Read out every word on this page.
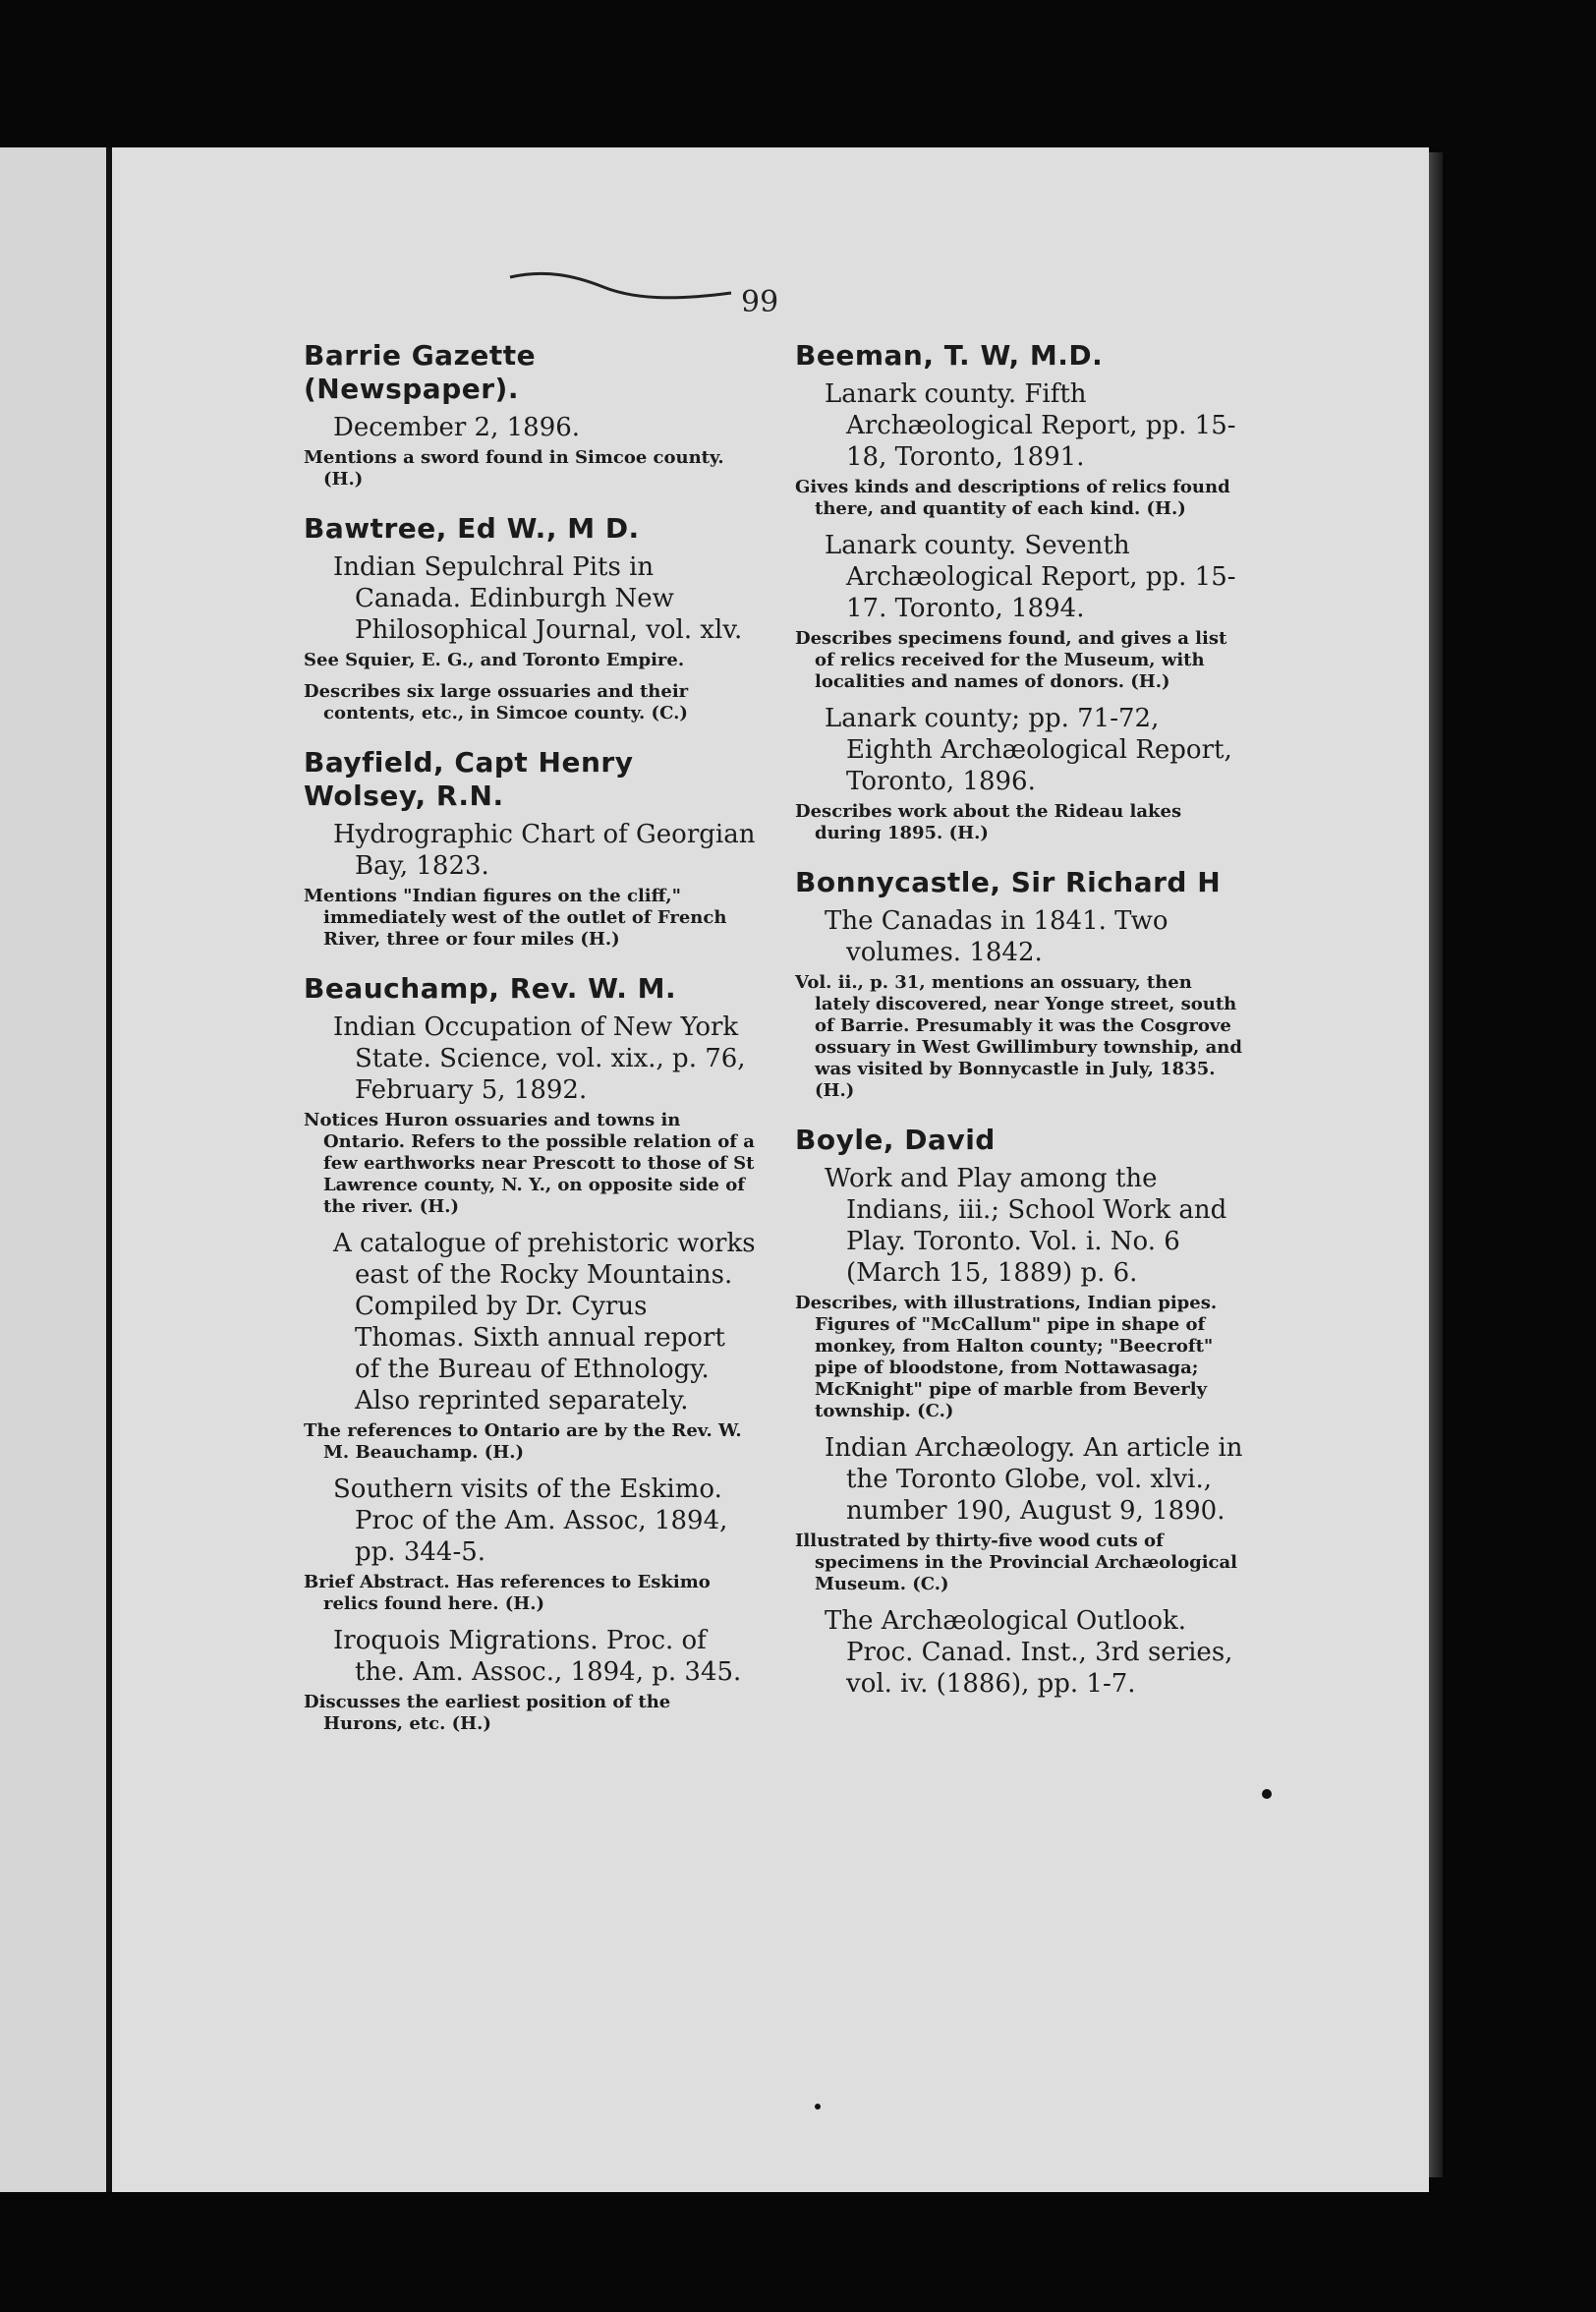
99
Barrie Gazette (Newspaper).
December 2, 1896.
Mentions a sword found in Simcoe county. (H.)
Bawtree, Ed W., M D.
Indian Sepulchral Pits in Canada. Edinburgh New Philosophical Journal, vol. xlv.
See Squier, E. G., and Toronto Empire.
Describes six large ossuaries and their contents, etc., in Simcoe county. (C.)
Bayfield, Capt Henry Wolsey, R.N.
Hydrographic Chart of Georgian Bay, 1823.
Mentions "Indian figures on the cliff," immediately west of the outlet of French River, three or four miles (H.)
Beauchamp, Rev. W. M.
Indian Occupation of New York State. Science, vol. xix., p. 76, February 5, 1892.
Notices Huron ossuaries and towns in Ontario. Refers to the possible relation of a few earthworks near Prescott to those of St Lawrence county, N. Y., on opposite side of the river. (H.)
A catalogue of prehistoric works east of the Rocky Mountains. Compiled by Dr. Cyrus Thomas. Sixth annual report of the Bureau of Ethnology. Also reprinted separately.
The references to Ontario are by the Rev. W. M. Beauchamp. (H.)
Southern visits of the Eskimo. Proc of the Am. Assoc, 1894, pp. 344-5.
Brief Abstract. Has references to Eskimo relics found here. (H.)
Iroquois Migrations. Proc. of the. Am. Assoc., 1894, p. 345.
Discusses the earliest position of the Hurons, etc. (H.)
Beeman, T. W, M.D.
Lanark county. Fifth Archæological Report, pp. 15-18, Toronto, 1891.
Gives kinds and descriptions of relics found there, and quantity of each kind. (H.)
Lanark county. Seventh Archæological Report, pp. 15-17. Toronto, 1894.
Describes specimens found, and gives a list of relics received for the Museum, with localities and names of donors. (H.)
Lanark county; pp. 71-72, Eighth Archæological Report, Toronto, 1896.
Describes work about the Rideau lakes during 1895. (H.)
Bonnycastle, Sir Richard H
The Canadas in 1841. Two volumes. 1842.
Vol. ii., p. 31, mentions an ossuary, then lately discovered, near Yonge street, south of Barrie. Presumably it was the Cosgrove ossuary in West Gwillimbury township, and was visited by Bonnycastle in July, 1835. (H.)
Boyle, David
Work and Play among the Indians, iii.; School Work and Play. Toronto. Vol. i. No. 6 (March 15, 1889) p. 6.
Describes, with illustrations, Indian pipes. Figures of "McCallum" pipe in shape of monkey, from Halton county; "Beecroft" pipe of bloodstone, from Nottawasaga; McKnight" pipe of marble from Beverly township. (C.)
Indian Archæology. An article in the Toronto Globe, vol. xlvi., number 190, August 9, 1890.
Illustrated by thirty-five wood cuts of specimens in the Provincial Archæological Museum. (C.)
The Archæological Outlook. Proc. Canad. Inst., 3rd series, vol. iv. (1886), pp. 1-7.
